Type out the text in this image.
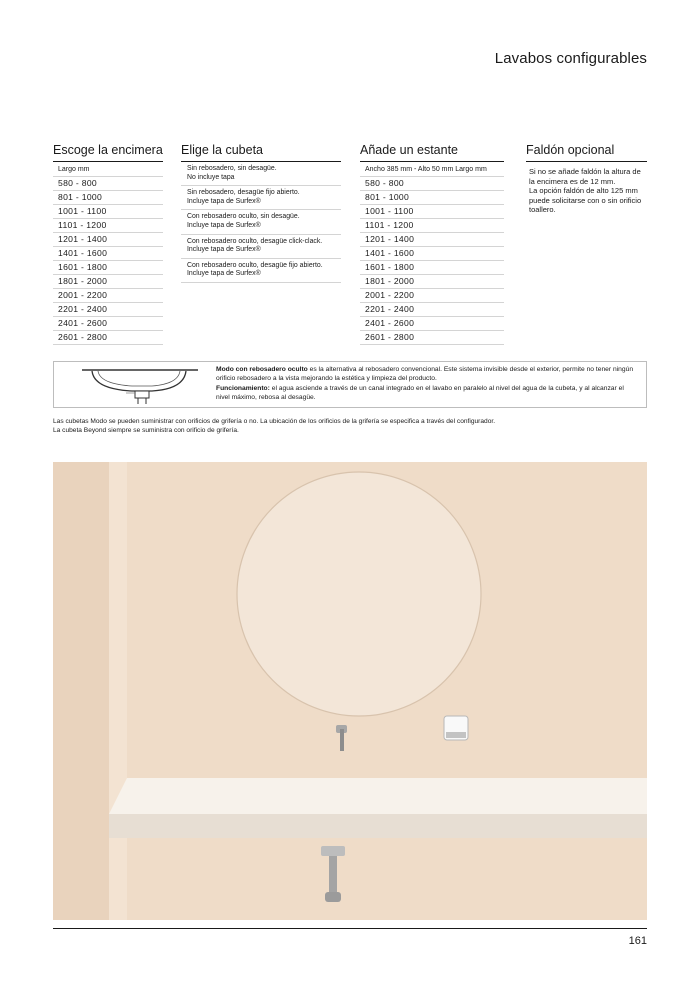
Lavabos configurables
Escoge la encimera
Largo mm
580 - 800
801 - 1000
1001 - 1100
1101 - 1200
1201 - 1400
1401 - 1600
1601 - 1800
1801 - 2000
2001 - 2200
2201 - 2400
2401 - 2600
2601 - 2800
Elige la cubeta
Sin rebosadero, sin desagüe.
No incluye tapa
Sin rebosadero, desagüe fijo abierto.
Incluye tapa de Surfex®
Con rebosadero oculto, sin desagüe.
Incluye tapa de Surfex®
Con rebosadero oculto, desagüe click-clack.
Incluye tapa de Surfex®
Con rebosadero oculto, desagüe fijo abierto.
Incluye tapa de Surfex®
Añade un estante
Ancho 385 mm - Alto 50 mm Largo mm
580 - 800
801 - 1000
1001 - 1100
1101 - 1200
1201 - 1400
1401 - 1600
1601 - 1800
1801 - 2000
2001 - 2200
2201 - 2400
2401 - 2600
2601 - 2800
Faldón opcional

Si no se añade faldón la altura de la encimera es de 12 mm.

La opción faldón de alto 125 mm puede solicitarse con o sin orificio toallero.

Modo con rebosadero oculto es la alternativa al rebosadero convencional. Este sistema invisible desde el exterior, permite no tener ningún orificio rebosadero a la vista mejorando la estética y limpieza del producto.

Funcionamiento: el agua asciende a través de un canal integrado en el lavabo en paralelo al nivel del agua de la cubeta, y al alcanzar el nivel máximo, rebosa al desagüe.

Las cubetas Modo se pueden suministrar con orificios de grifería o no. La ubicación de los orificios de la grifería se especifica a través del configurador.

La cubeta Beyond siempre se suministra con orificio de grifería.

161
